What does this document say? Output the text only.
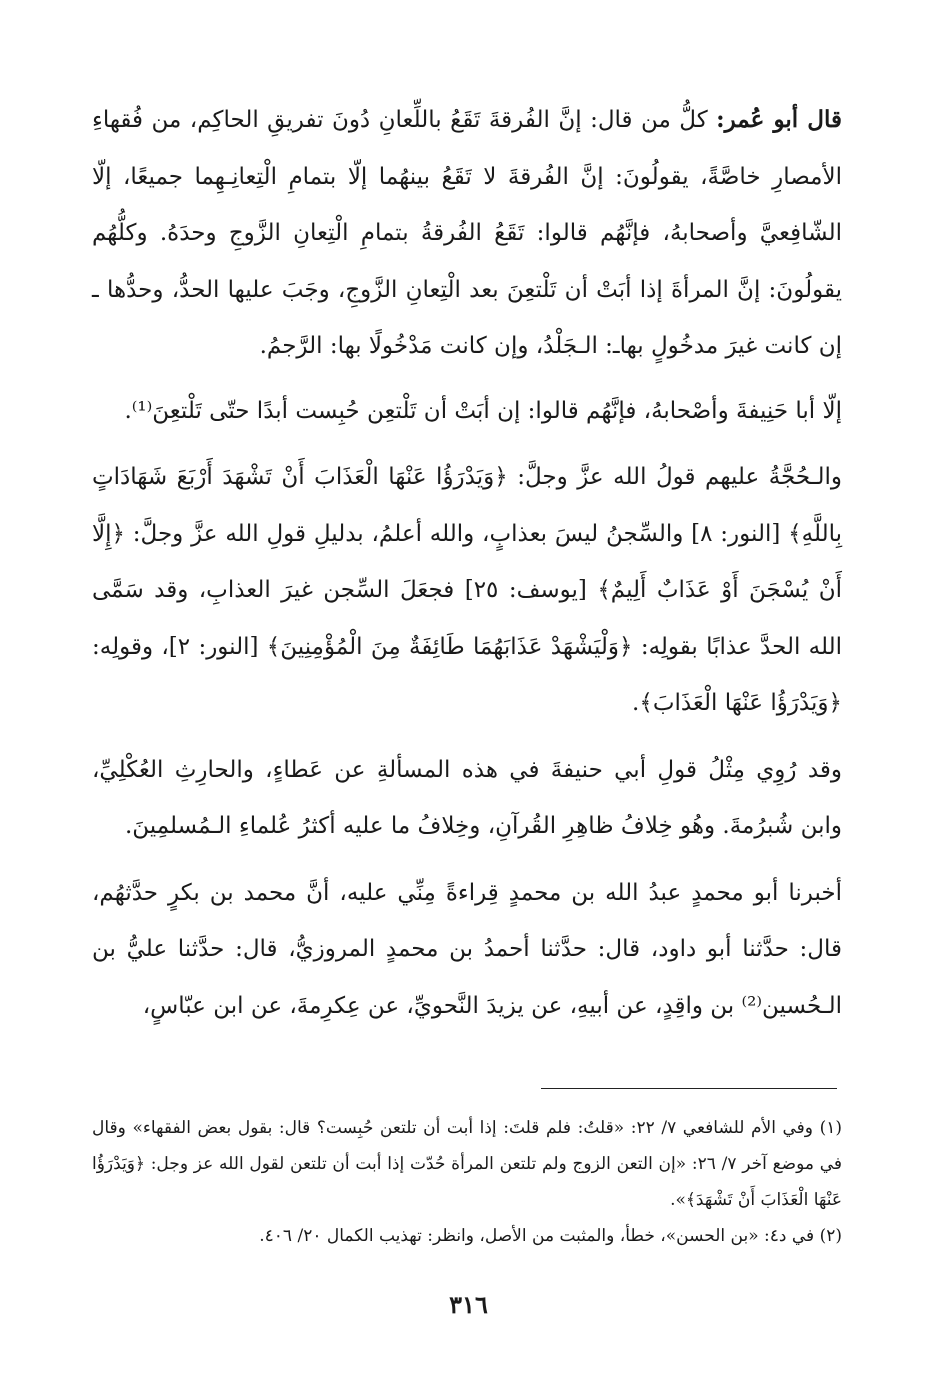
قال أبو عُمر: كلُّ من قال: إنَّ الفُرقةَ تَقَعُ باللِّعانِ دُونَ تفريقِ الحاكِم، من فُقهاءِ الأمصارِ خاصَّةً، يقولُونَ: إنَّ الفُرقةَ لا تَقَعُ بينهُما إلّا بتمامِ الْتِعانِـهِما جميعًا، إلّا الشّافِعيَّ وأصحابهُ، فإنَّهُم قالوا: تَقَعُ الفُرقةُ بتمامِ الْتِعانِ الزَّوجِ وحدَهُ. وكلُّهُم يقولُونَ: إنَّ المرأةَ إذا أبَتْ أن تَلْتعِنَ بعد الْتِعانِ الزَّوجِ، وجَبَ عليها الحدُّ، وحدُّها ـ إن كانت غيرَ مدخُولٍ بهاـ: الـجَلْدُ، وإن كانت مَدْخُولًا بها: الرَّجمُ.

إلّا أبا حَنِيفةَ وأصْحابهُ، فإنَّهُم قالوا: إن أبَتْ أن تَلْتعِن حُبِست أبدًا حتّى تَلْتعِنَ⁽¹⁾.

والـحُجَّةُ عليهم قولُ الله عزَّ وجلَّ: ﴿وَيَدْرَؤُا عَنْهَا الْعَذَابَ أَنْ تَشْهَدَ أَرْبَعَ شَهَادَاتٍ بِاللَّهِ﴾ [النور: ٨] والسِّجنُ ليسَ بعذابٍ، والله أعلمُ، بدليلِ قولِ الله عزَّ وجلَّ: ﴿إِلَّا أَنْ يُسْجَنَ أَوْ عَذَابٌ أَلِيمٌ﴾ [يوسف: ٢٥] فجعَلَ السِّجن غيرَ العذابِ، وقد سَمَّى الله الحدَّ عذابًا بقولِه: ﴿وَلْيَشْهَدْ عَذَابَهُمَا طَائِفَةٌ مِنَ الْمُؤْمِنِينَ﴾ [النور: ٢]، وقولِه: ﴿وَيَدْرَؤُا عَنْهَا الْعَذَابَ﴾.

وقد رُوِي مِثْلُ قولِ أبي حنيفةَ في هذه المسألةِ عن عَطاءٍ، والحارِثِ العُكْلِيِّ، وابن شُبرُمةَ. وهُو خِلافُ ظاهِرِ القُرآنِ، وخِلافُ ما عليه أكثرُ عُلماءِ الـمُسلمِينَ.

أخبرنا أبو محمدٍ عبدُ الله بن محمدٍ قِراءةً مِنِّي عليه، أنَّ محمد بن بكرٍ حدَّثهُم، قال: حدَّثنا أبو داود، قال: حدَّثنا أحمدُ بن محمدٍ المروزيُّ، قال: حدَّثنا عليُّ بن الـحُسين⁽²⁾ بن واقِدٍ، عن أبيهِ، عن يزيدَ النَّحويِّ، عن عِكرِمةَ، عن ابن عبّاسٍ،

(١) وفي الأم للشافعي ٧/ ٢٢: «قلتُ: فلم قلتَ: إذا أبت أن تلتعن حُبِست؟ قال: بقول بعض الفقهاء» وقال في موضع آخر ٧/ ٢٦: «إن التعن الزوج ولم تلتعن المرأة حُدّت إذا أبت أن تلتعن لقول الله عز وجل: ﴿وَيَدْرَؤُا عَنْهَا الْعَذَابَ أَنْ تَشْهَدَ﴾».

(٢) في د٤: «بن الحسن»، خطأ، والمثبت من الأصل، وانظر: تهذيب الكمال ٢٠/ ٤٠٦.

٣١٦
